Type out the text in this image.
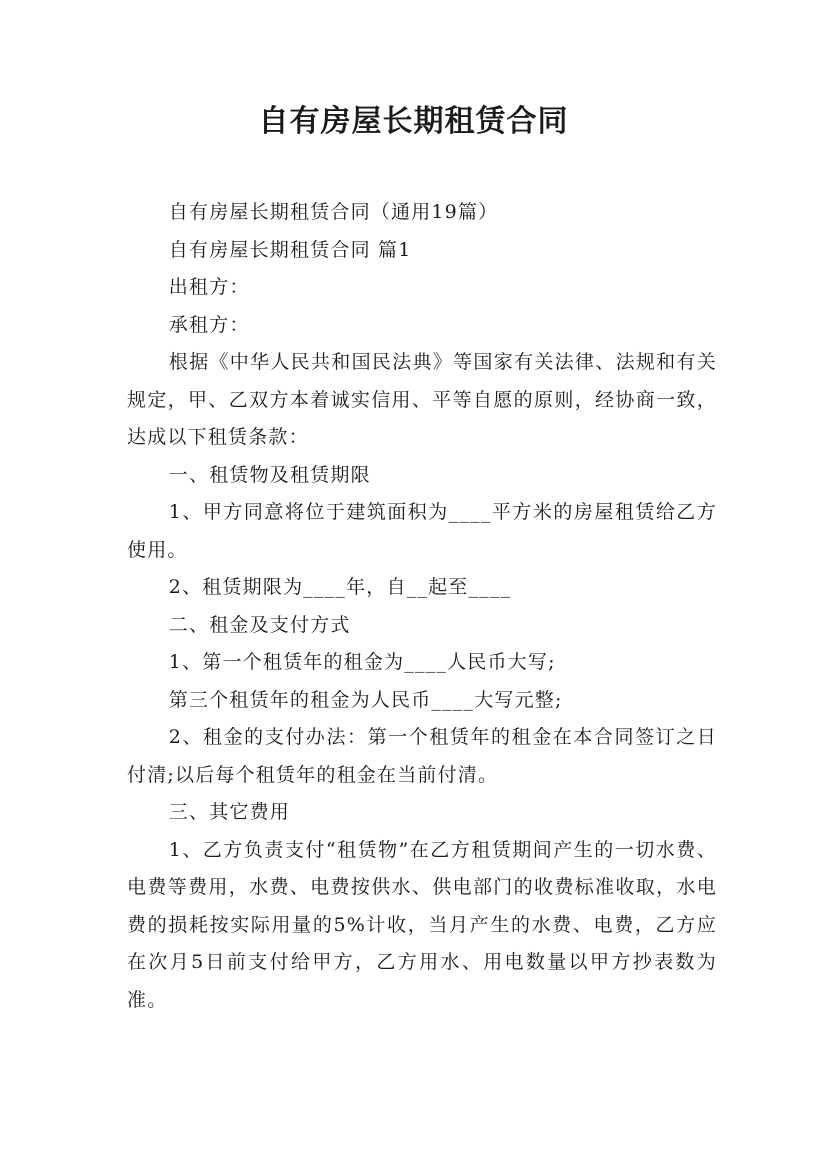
自有房屋长期租赁合同

自有房屋长期租赁合同（通用19篇）

自有房屋长期租赁合同 篇1

出租方：

承租方：

根据《中华人民共和国民法典》等国家有关法律、法规和有关规定，甲、乙双方本着诚实信用、平等自愿的原则，经协商一致，达成以下租赁条款：

一、租赁物及租赁期限

1、甲方同意将位于建筑面积为____平方米的房屋租赁给乙方使用。

2、租赁期限为____年，自__起至____

二、租金及支付方式

1、第一个租赁年的租金为____人民币大写;

第三个租赁年的租金为人民币____大写元整;

2、租金的支付办法：第一个租赁年的租金在本合同签订之日付清;以后每个租赁年的租金在当前付清。

三、其它费用

1、乙方负责支付“租赁物”在乙方租赁期间产生的一切水费、电费等费用，水费、电费按供水、供电部门的收费标准收取，水电费的损耗按实际用量的5%计收，当月产生的水费、电费，乙方应在次月5日前支付给甲方，乙方用水、用电数量以甲方抄表数为准。
